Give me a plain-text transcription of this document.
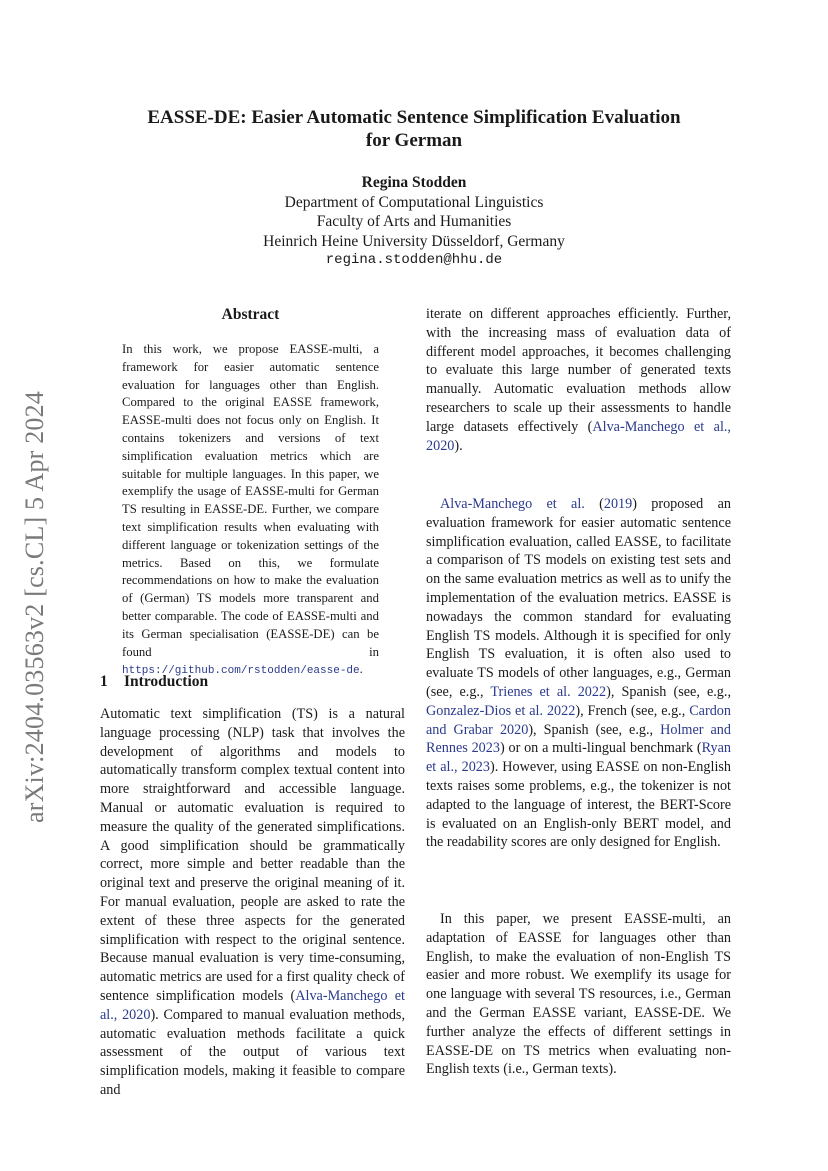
arXiv:2404.03563v2 [cs.CL] 5 Apr 2024
EASSE-DE: Easier Automatic Sentence Simplification Evaluation
for German
Regina Stodden
Department of Computational Linguistics
Faculty of Arts and Humanities
Heinrich Heine University Düsseldorf, Germany
regina.stodden@hhu.de
Abstract
In this work, we propose EASSE-multi, a framework for easier automatic sentence evaluation for languages other than English. Compared to the original EASSE framework, EASSE-multi does not focus only on English. It contains tokenizers and versions of text simplification evaluation metrics which are suitable for multiple languages. In this paper, we exemplify the usage of EASSE-multi for German TS resulting in EASSE-DE. Further, we compare text simplification results when evaluating with different language or tokenization settings of the metrics. Based on this, we formulate recommendations on how to make the evaluation of (German) TS models more transparent and better comparable. The code of EASSE-multi and its German specialisation (EASSE-DE) can be found in https://github.com/rstodden/easse-de.
1 Introduction

Automatic text simplification (TS) is a natural language processing (NLP) task that involves the development of algorithms and models to automatically transform complex textual content into more straightforward and accessible language. Manual or automatic evaluation is required to measure the quality of the generated simplifications. A good simplification should be grammatically correct, more simple and better readable than the original text and preserve the original meaning of it. For manual evaluation, people are asked to rate the extent of these three aspects for the generated simplification with respect to the original sentence. Because manual evaluation is very time-consuming, automatic metrics are used for a first quality check of sentence simplification models (Alva-Manchego et al., 2020). Compared to manual evaluation methods, automatic evaluation methods facilitate a quick assessment of the output of various text simplification models, making it feasible to compare and

iterate on different approaches efficiently. Further, with the increasing mass of evaluation data of different model approaches, it becomes challenging to evaluate this large number of generated texts manually. Automatic evaluation methods allow researchers to scale up their assessments to handle large datasets effectively (Alva-Manchego et al., 2020).

Alva-Manchego et al. (2019) proposed an evaluation framework for easier automatic sentence simplification evaluation, called EASSE, to facilitate a comparison of TS models on existing test sets and on the same evaluation metrics as well as to unify the implementation of the evaluation metrics. EASSE is nowadays the common standard for evaluating English TS models. Although it is specified for only English TS evaluation, it is often also used to evaluate TS models of other languages, e.g., German (see, e.g., Trienes et al. 2022), Spanish (see, e.g., Gonzalez-Dios et al. 2022), French (see, e.g., Cardon and Grabar 2020), Spanish (see, e.g., Holmer and Rennes 2023) or on a multi-lingual benchmark (Ryan et al., 2023). However, using EASSE on non-English texts raises some problems, e.g., the tokenizer is not adapted to the language of interest, the BERT-Score is evaluated on an English-only BERT model, and the readability scores are only designed for English.

In this paper, we present EASSE-multi, an adaptation of EASSE for languages other than English, to make the evaluation of non-English TS easier and more robust. We exemplify its usage for one language with several TS resources, i.e., German and the German EASSE variant, EASSE-DE. We further analyze the effects of different settings in EASSE-DE on TS metrics when evaluating non-English texts (i.e., German texts).
